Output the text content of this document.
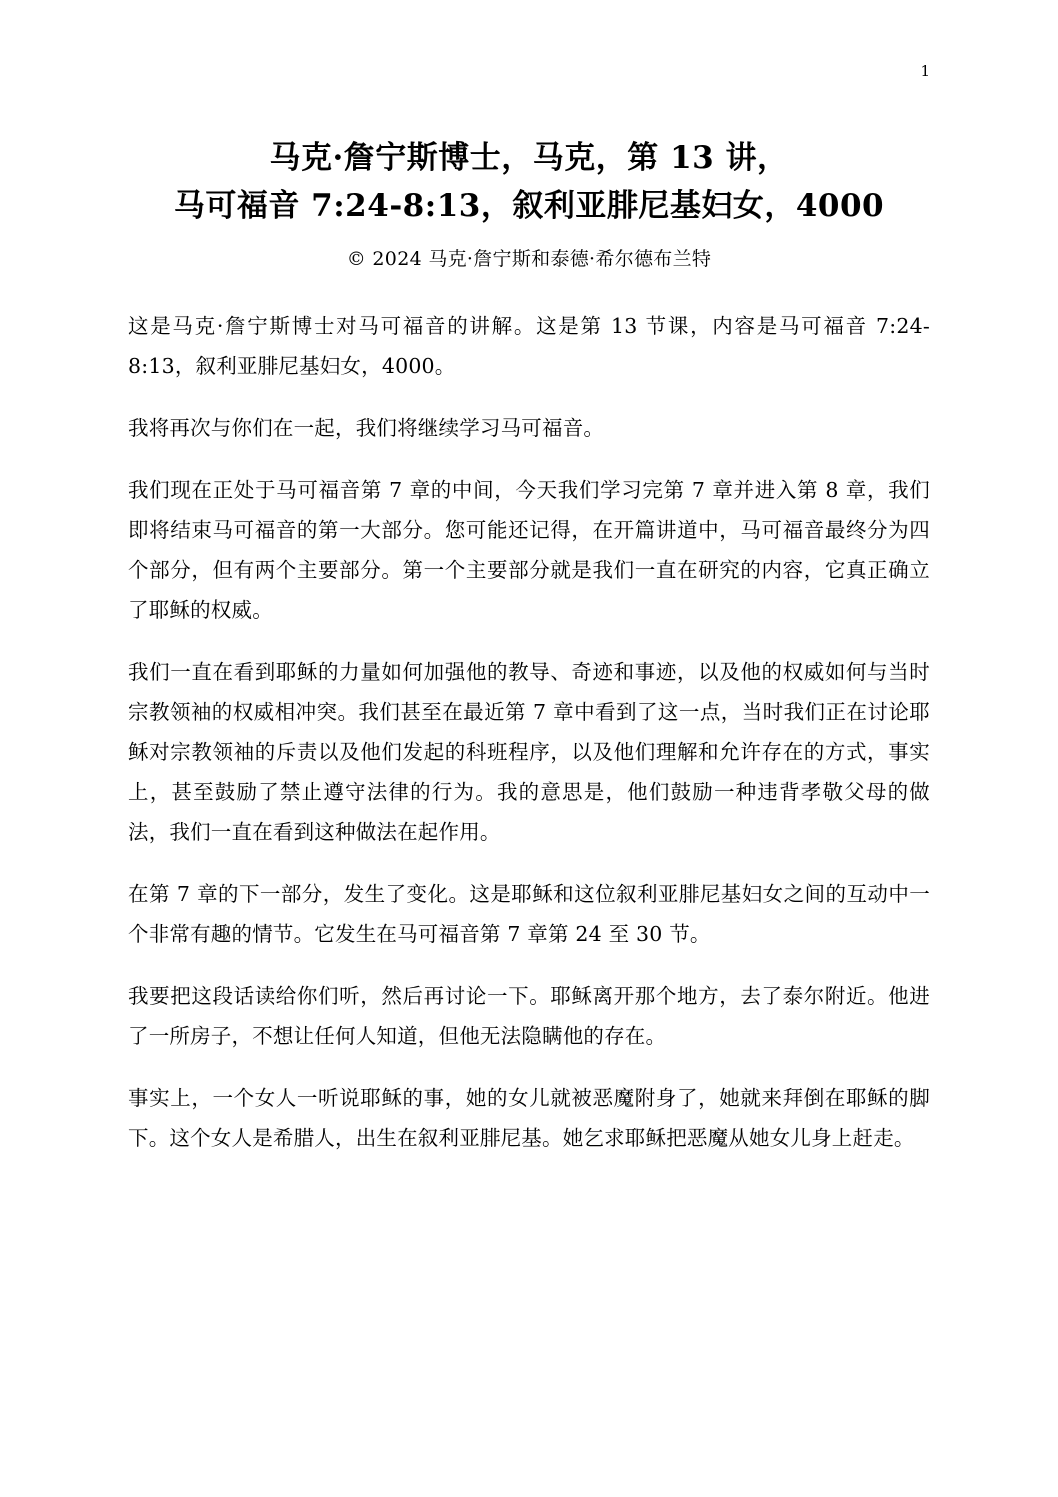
1
马克·詹宁斯博士，马克，第 13 讲，
马可福音 7:24-8:13，叙利亚腓尼基妇女，4000
© 2024 马克·詹宁斯和泰德·希尔德布兰特

这是马克·詹宁斯博士对马可福音的讲解。这是第 13 节课，内容是马可福音 7:24-8:13，叙利亚腓尼基妇女，4000。

我将再次与你们在一起，我们将继续学习马可福音。

我们现在正处于马可福音第 7 章的中间，今天我们学习完第 7 章并进入第 8 章，我们即将结束马可福音的第一大部分。您可能还记得，在开篇讲道中，马可福音最终分为四个部分，但有两个主要部分。第一个主要部分就是我们一直在研究的内容，它真正确立了耶稣的权威。

我们一直在看到耶稣的力量如何加强他的教导、奇迹和事迹，以及他的权威如何与当时宗教领袖的权威相冲突。我们甚至在最近第 7 章中看到了这一点，当时我们正在讨论耶稣对宗教领袖的斥责以及他们发起的科班程序，以及他们理解和允许存在的方式，事实上，甚至鼓励了禁止遵守法律的行为。我的意思是，他们鼓励一种违背孝敬父母的做法，我们一直在看到这种做法在起作用。

在第 7 章的下一部分，发生了变化。这是耶稣和这位叙利亚腓尼基妇女之间的互动中一个非常有趣的情节。它发生在马可福音第 7 章第 24 至 30 节。

我要把这段话读给你们听，然后再讨论一下。耶稣离开那个地方，去了泰尔附近。他进了一所房子，不想让任何人知道，但他无法隐瞒他的存在。

事实上，一个女人一听说耶稣的事，她的女儿就被恶魔附身了，她就来拜倒在耶稣的脚下。这个女人是希腊人，出生在叙利亚腓尼基。她乞求耶稣把恶魔从她女儿身上赶走。
